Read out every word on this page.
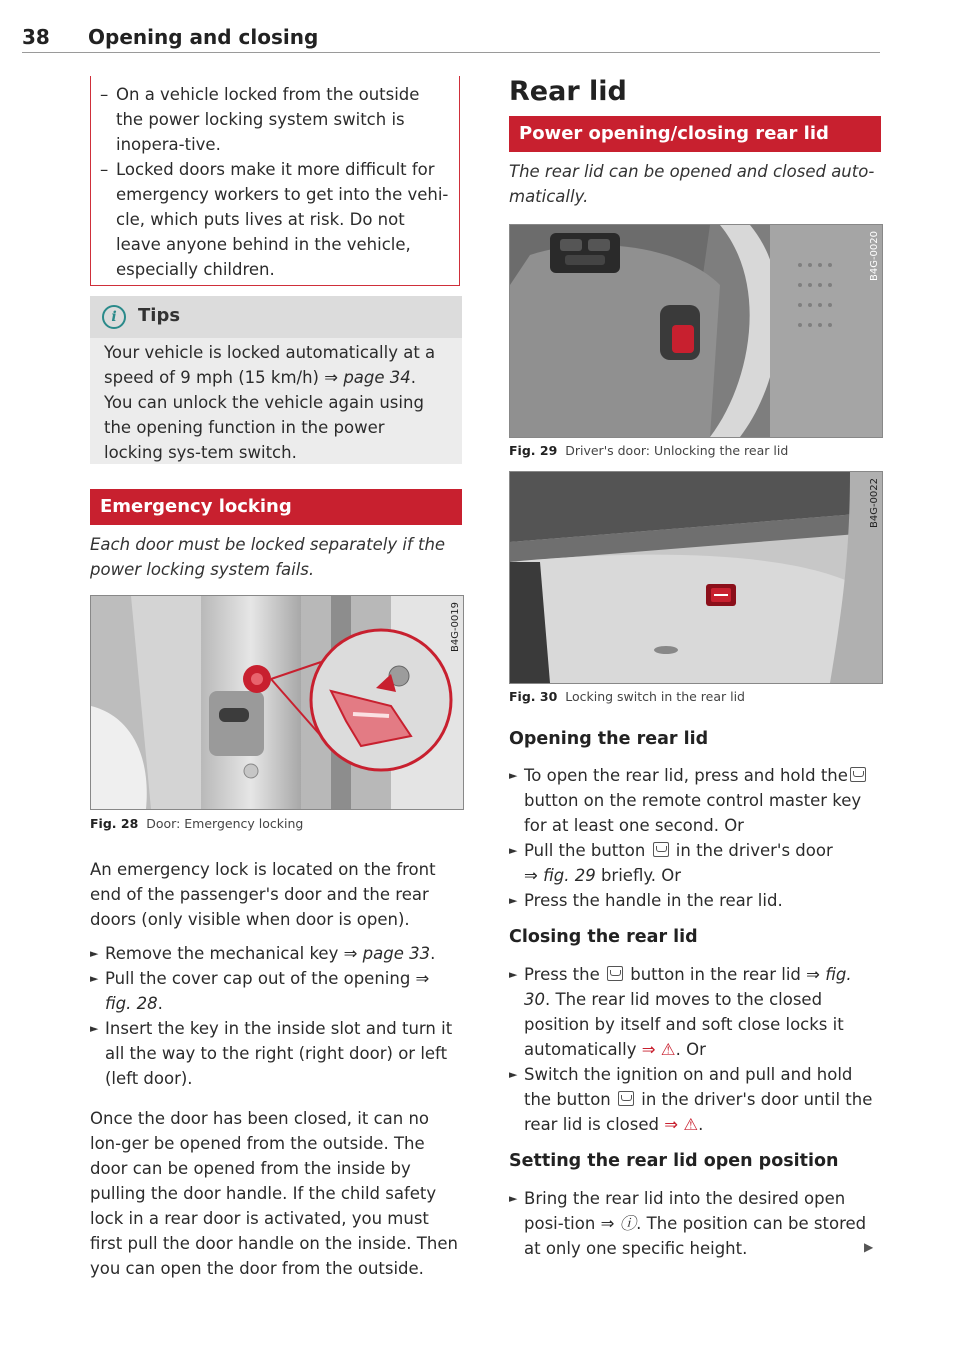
38 Opening and closing
– On a vehicle locked from the outside the power locking system switch is inopera-tive.
– Locked doors make it more difficult for emergency workers to get into the vehi-cle, which puts lives at risk. Do not leave anyone behind in the vehicle, especially children.
i	Tips
Your vehicle is locked automatically at a speed of 9 mph (15 km/h) ⇒ page 34. You can unlock the vehicle again using the opening function in the power locking sys-tem switch.
Emergency locking
Each door must be locked separately if the power locking system fails.
B4G-0019
Fig. 28 Door: Emergency locking
An emergency lock is located on the front end of the passenger's door and the rear doors (only visible when door is open).
► Remove the mechanical key ⇒ page 33.
► Pull the cover cap out of the opening ⇒ fig. 28.
► Insert the key in the inside slot and turn it all the way to the right (right door) or left (left door).
Once the door has been closed, it can no lon-ger be opened from the outside. The door can be opened from the inside by pulling the door handle. If the child safety lock in a rear door is activated, you must first pull the door handle on the inside. Then you can open the door from the outside.
Rear lid
Power opening/closing rear lid
The rear lid can be opened and closed auto-matically.
B4G-0020
Fig. 29 Driver's door: Unlocking the rear lid
B4G-0022
Fig. 30 Locking switch in the rear lid
Opening the rear lid
► To open the rear lid, press and hold the button on the remote control master key for at least one second. Or
► Pull the button in the driver's door
⇒ fig. 29 briefly. Or
► Press the handle in the rear lid.
Closing the rear lid
► Press the button in the rear lid ⇒ fig. 30. The rear lid moves to the closed position by itself and soft close locks it automatically ⇒ ⚠. Or
► Switch the ignition on and pull and hold the button in the driver's door until the rear lid is closed ⇒ ⚠.
Setting the rear lid open position
► Bring the rear lid into the desired open posi-tion ⇒ ⓘ. The position can be stored at only one specific height.	▶
